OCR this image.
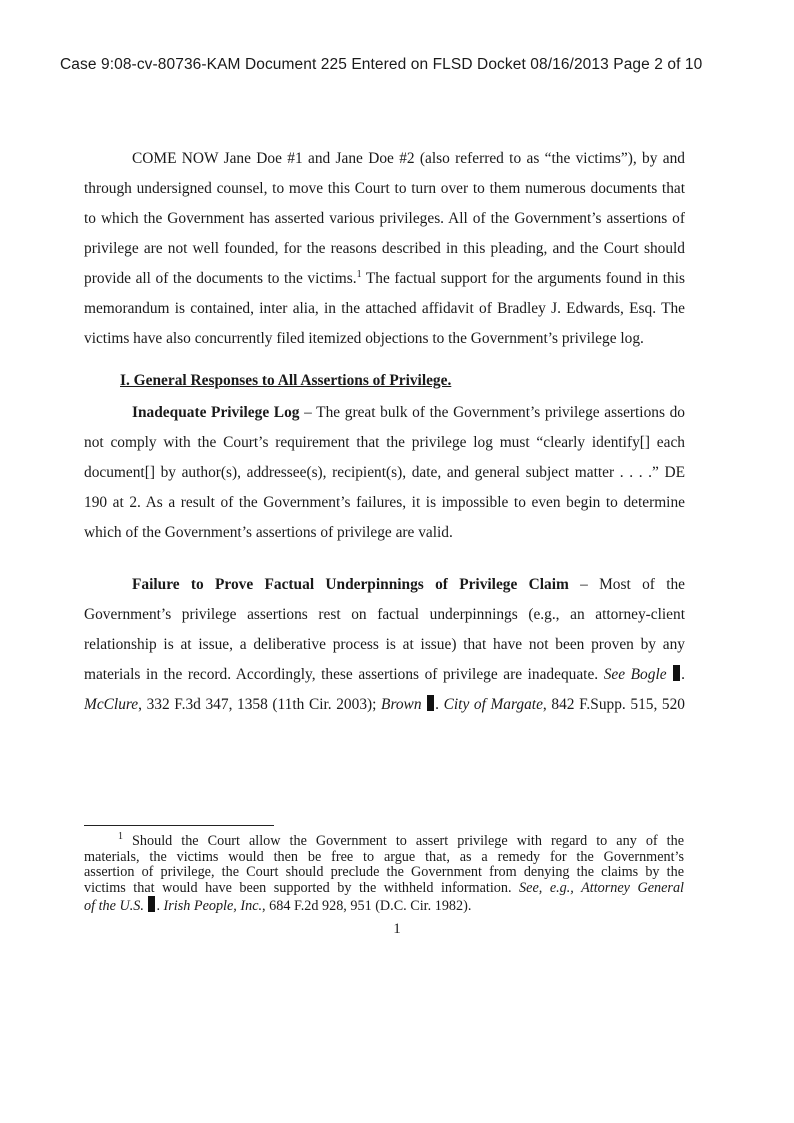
Case 9:08-cv-80736-KAM Document 225 Entered on FLSD Docket 08/16/2013 Page 2 of 10
COME NOW Jane Doe #1 and Jane Doe #2 (also referred to as “the victims”), by and
through undersigned counsel, to move this Court to turn over to them numerous documents that
to which the Government has asserted various privileges. All of the Government’s assertions of
privilege are not well founded, for the reasons described in this pleading, and the Court should
provide all of the documents to the victims.$^1$ The factual support for the arguments found in this
memorandum is contained, inter alia, in the attached affidavit of Bradley J. Edwards, Esq. The
victims have also concurrently filed itemized objections to the Government’s privilege log.
I. General Responses to All Assertions of Privilege.
Inadequate Privilege Log – The great bulk of the Government’s privilege assertions do
not comply with the Court’s requirement that the privilege log must “clearly identify[] each
document[] by author(s), addressee(s), recipient(s), date, and general subject matter . . . .” DE
190 at 2. As a result of the Government’s failures, it is impossible to even begin to determine
which of the Government’s assertions of privilege are valid.
Failure to Prove Factual Underpinnings of Privilege Claim – Most of the
Government’s privilege assertions rest on factual underpinnings (e.g., an attorney-client
relationship is at issue, a deliberative process is at issue) that have not been proven by any
materials in the record. Accordingly, these assertions of privilege are inadequate. See Bogle .
McClure, 332 F.3d 347, 1358 (11th Cir. 2003); Brown . City of Margate, 842 F.Supp. 515, 520
$^1$ Should the Court allow the Government to assert privilege with regard to any of the
materials, the victims would then be free to argue that, as a remedy for the Government’s
assertion of privilege, the Court should preclude the Government from denying the claims by the
victims that would have been supported by the withheld information. See, e.g., Attorney General
of the U.S. . Irish People, Inc., 684 F.2d 928, 951 (D.C. Cir. 1982).
1
